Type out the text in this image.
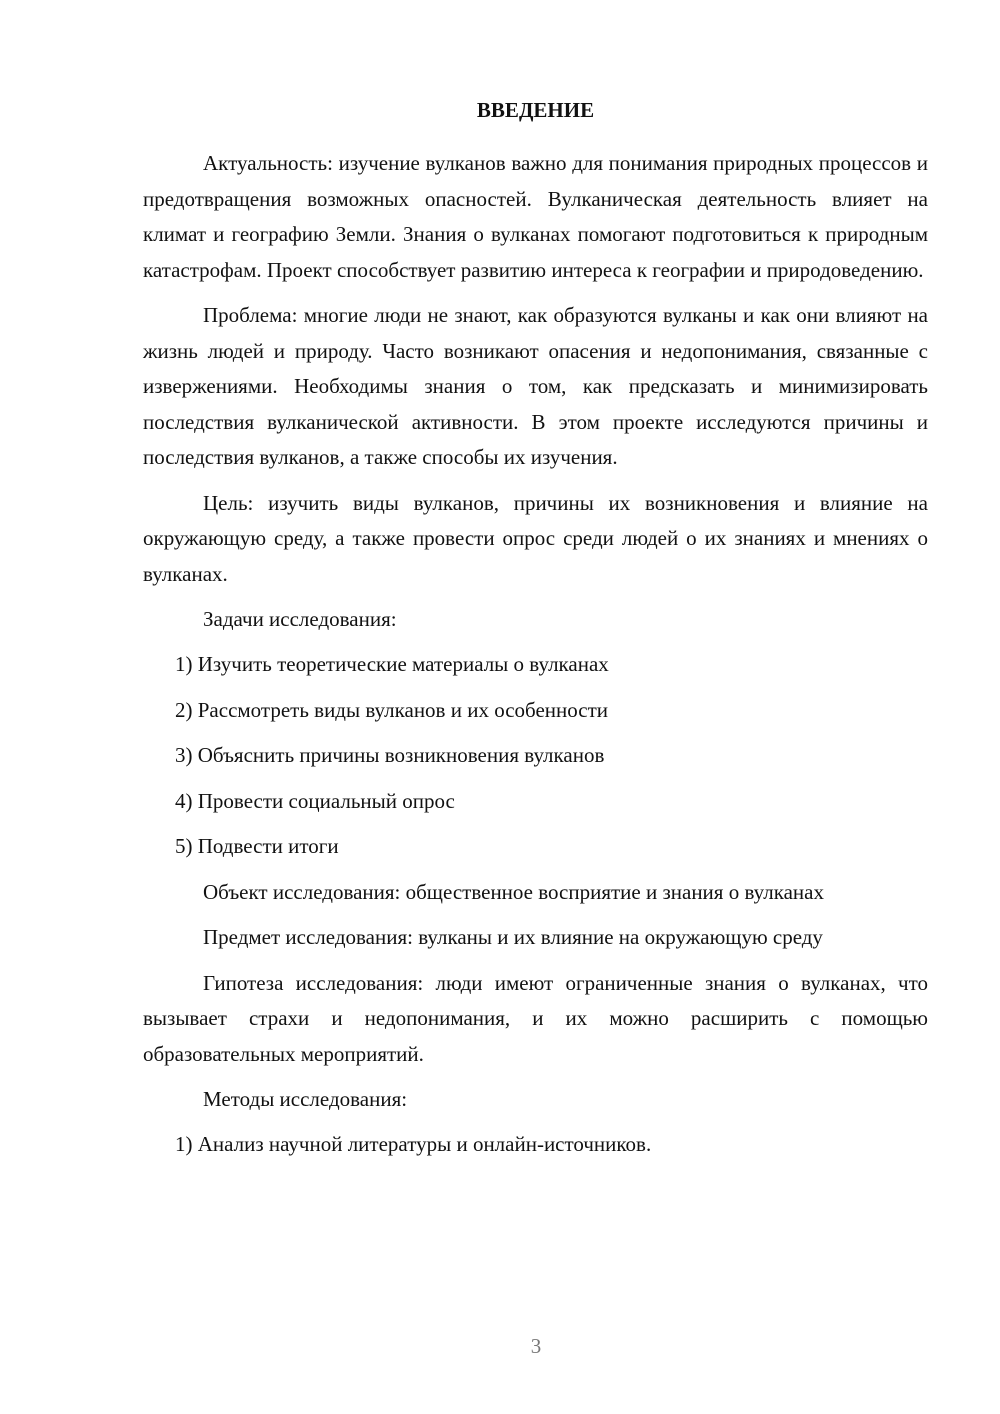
ВВЕДЕНИЕ

Актуальность: изучение вулканов важно для понимания природных процессов и предотвращения возможных опасностей. Вулканическая деятельность влияет на климат и географию Земли. Знания о вулканах помогают подготовиться к природным катастрофам. Проект способствует развитию интереса к географии и природоведению.

Проблема: многие люди не знают, как образуются вулканы и как они влияют на жизнь людей и природу. Часто возникают опасения и недопонимания, связанные с извержениями. Необходимы знания о том, как предсказать и минимизировать последствия вулканической активности. В этом проекте исследуются причины и последствия вулканов, а также способы их изучения.

Цель: изучить виды вулканов, причины их возникновения и влияние на окружающую среду, а также провести опрос среди людей о их знаниях и мнениях о вулканах.

Задачи исследования:

1) Изучить теоретические материалы о вулканах
2) Рассмотреть виды вулканов и их особенности
3) Объяснить причины возникновения вулканов
4) Провести социальный опрос
5) Подвести итоги

Объект исследования: общественное восприятие и знания о вулканах

Предмет исследования: вулканы и их влияние на окружающую среду

Гипотеза исследования: люди имеют ограниченные знания о вулканах, что вызывает страхи и недопонимания, и их можно расширить с помощью образовательных мероприятий.

Методы исследования:

1) Анализ научной литературы и онлайн-источников.
3
